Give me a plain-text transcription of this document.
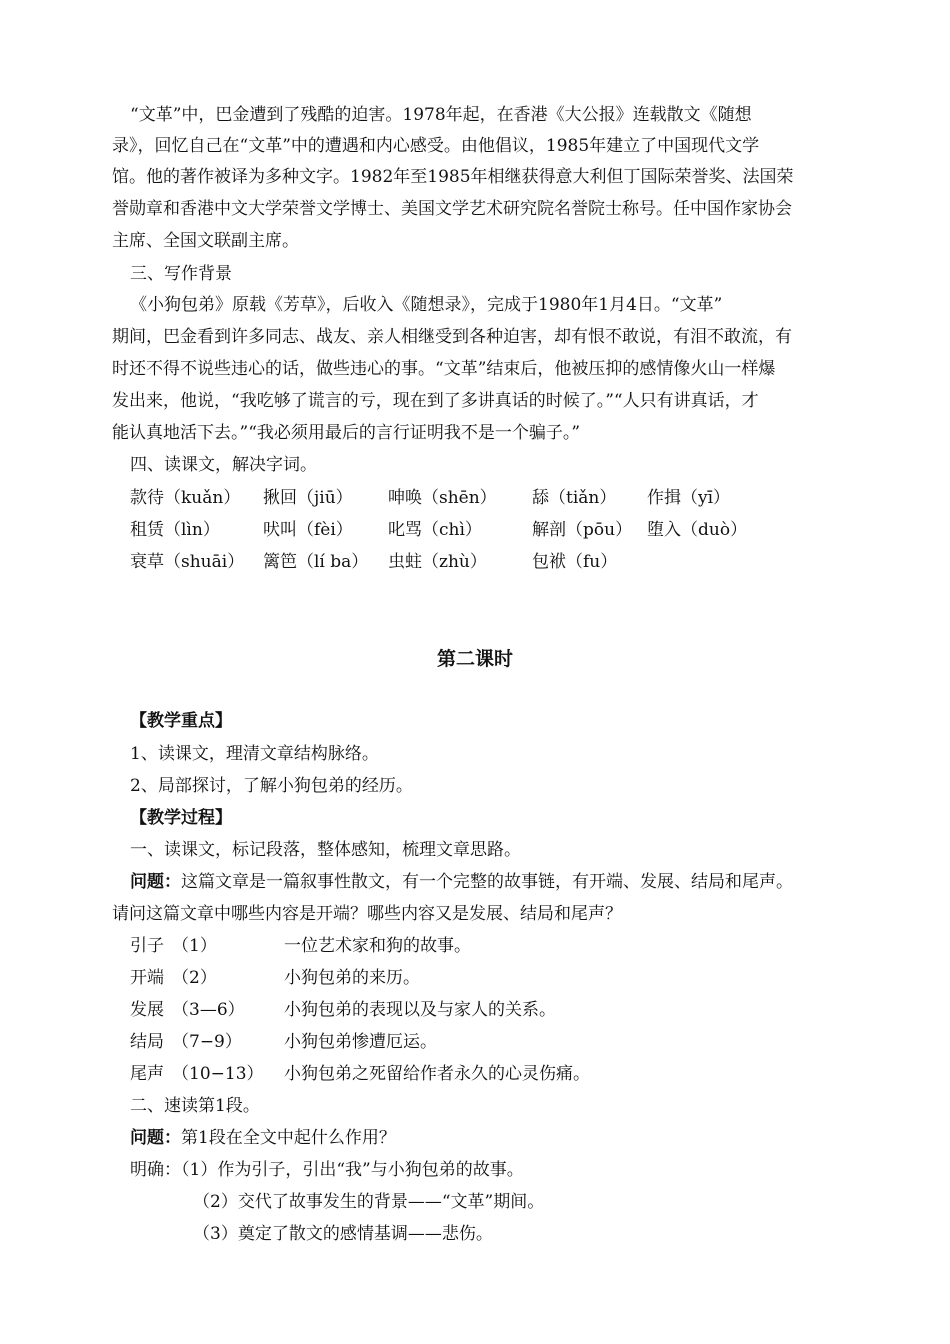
“文革”中，巴金遭到了残酷的迫害。1978年起，在香港《大公报》连载散文《随想
录》，回忆自己在“文革”中的遭遇和内心感受。由他倡议，1985年建立了中国现代文学
馆。他的著作被译为多种文字。1982年至1985年相继获得意大利但丁国际荣誉奖、法国荣
誉勋章和香港中文大学荣誉文学博士、美国文学艺术研究院名誉院士称号。任中国作家协会
主席、全国文联副主席。
三、写作背景
《小狗包弟》原载《芳草》，后收入《随想录》，完成于1980年1月4日。“文革”
期间，巴金看到许多同志、战友、亲人相继受到各种迫害，却有恨不敢说，有泪不敢流，有
时还不得不说些违心的话，做些违心的事。“文革”结束后，他被压抑的感情像火山一样爆
发出来，他说，“我吃够了谎言的亏，现在到了多讲真话的时候了。”“人只有讲真话，才
能认真地活下去。”“我必须用最后的言行证明我不是一个骗子。”
四、读课文，解决字词。
款待（kuǎn） 揪回（jiū） 呻唤（shēn） 舔（tiǎn） 作揖（yī）
租赁（lìn）	吠叫（fèi） 叱骂（chì）	解剖（pōu） 堕入（duò）
衰草（shuāi） 篱笆（lí ba） 虫蛀（zhù）	包袱（fu）
第二课时
【教学重点】
1、读课文，理清文章结构脉络。
2、局部探讨，了解小狗包弟的经历。
【教学过程】
一、读课文，标记段落，整体感知，梳理文章思路。
问题：这篇文章是一篇叙事性散文，有一个完整的故事链，有开端、发展、结局和尾声。
请问这篇文章中哪些内容是开端？哪些内容又是发展、结局和尾声？
引子 （1）	一位艺术家和狗的故事。
开端 （2）	小狗包弟的来历。
发展 （3—6） 小狗包弟的表现以及与家人的关系。
结局 （7−9） 小狗包弟惨遭厄运。
尾声 （10−13） 小狗包弟之死留给作者永久的心灵伤痛。
二、速读第1段。
问题：第1段在全文中起什么作用？
明确：（1）作为引子，引出“我”与小狗包弟的故事。
（2）交代了故事发生的背景——“文革”期间。
（3）奠定了散文的感情基调——悲伤。
